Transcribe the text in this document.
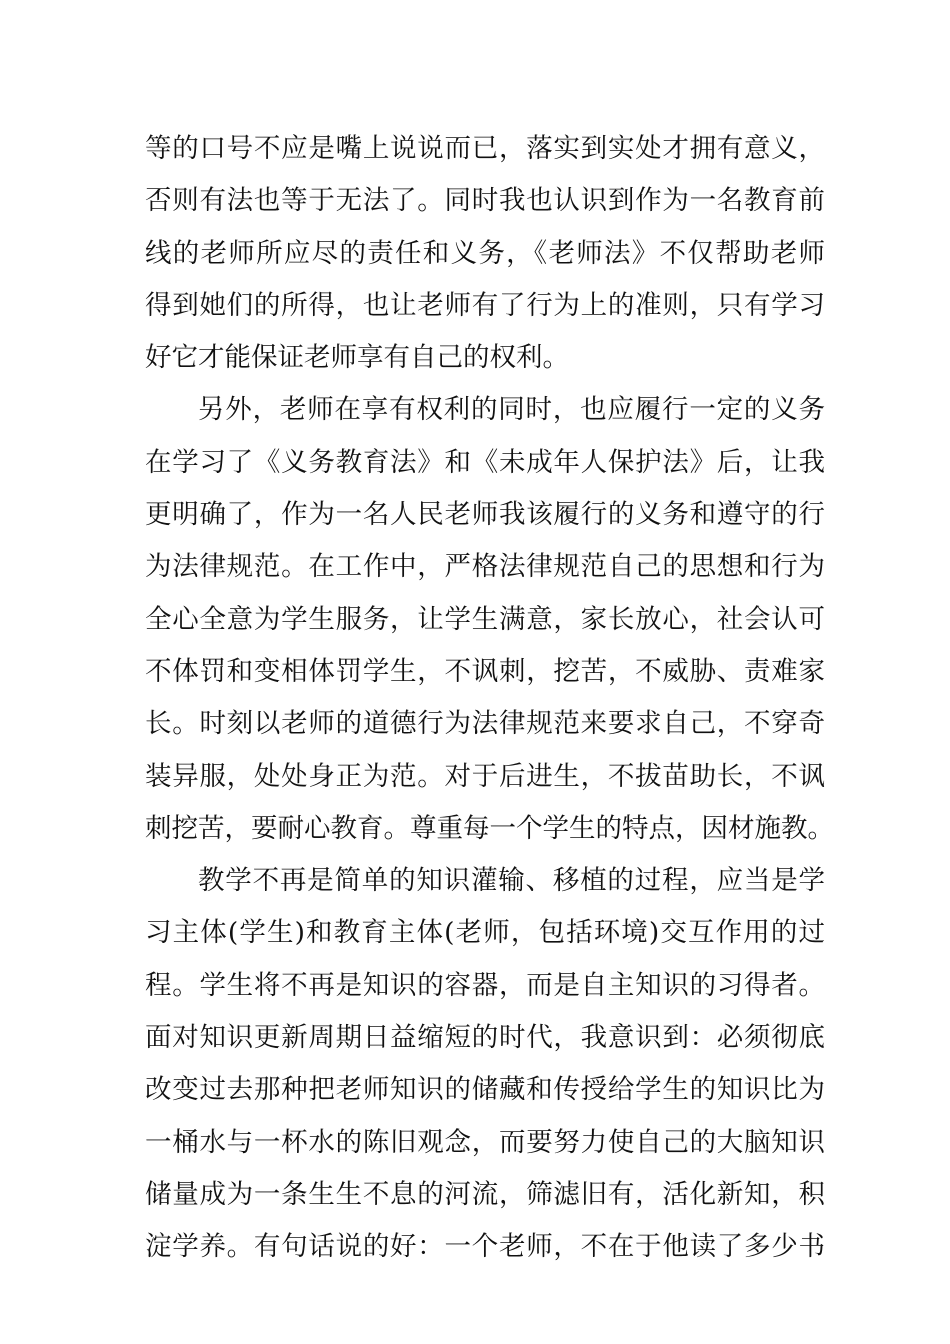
等的口号不应是嘴上说说而已，落实到实处才拥有意义，
否则有法也等于无法了。同时我也认识到作为一名教育前
线的老师所应尽的责任和义务，《老师法》不仅帮助老师
得到她们的所得，也让老师有了行为上的准则，只有学习
好它才能保证老师享有自己的权利。
另外，老师在享有权利的同时，也应履行一定的义务
在学习了《义务教育法》和《未成年人保护法》后，让我
更明确了，作为一名人民老师我该履行的义务和遵守的行
为法律规范。在工作中，严格法律规范自己的思想和行为
全心全意为学生服务，让学生满意，家长放心，社会认可
不体罚和变相体罚学生，不讽刺，挖苦，不威胁、责难家
长。时刻以老师的道德行为法律规范来要求自己，不穿奇
装异服，处处身正为范。对于后进生，不拔苗助长，不讽
刺挖苦，要耐心教育。尊重每一个学生的特点，因材施教。
教学不再是简单的知识灌输、移植的过程，应当是学
习主体(学生)和教育主体(老师，包括环境)交互作用的过
程。学生将不再是知识的容器，而是自主知识的习得者。
面对知识更新周期日益缩短的时代，我意识到：必须彻底
改变过去那种把老师知识的储藏和传授给学生的知识比为
一桶水与一杯水的陈旧观念，而要努力使自己的大脑知识
储量成为一条生生不息的河流，筛滤旧有，活化新知，积
淀学养。有句话说的好：一个老师，不在于他读了多少书
